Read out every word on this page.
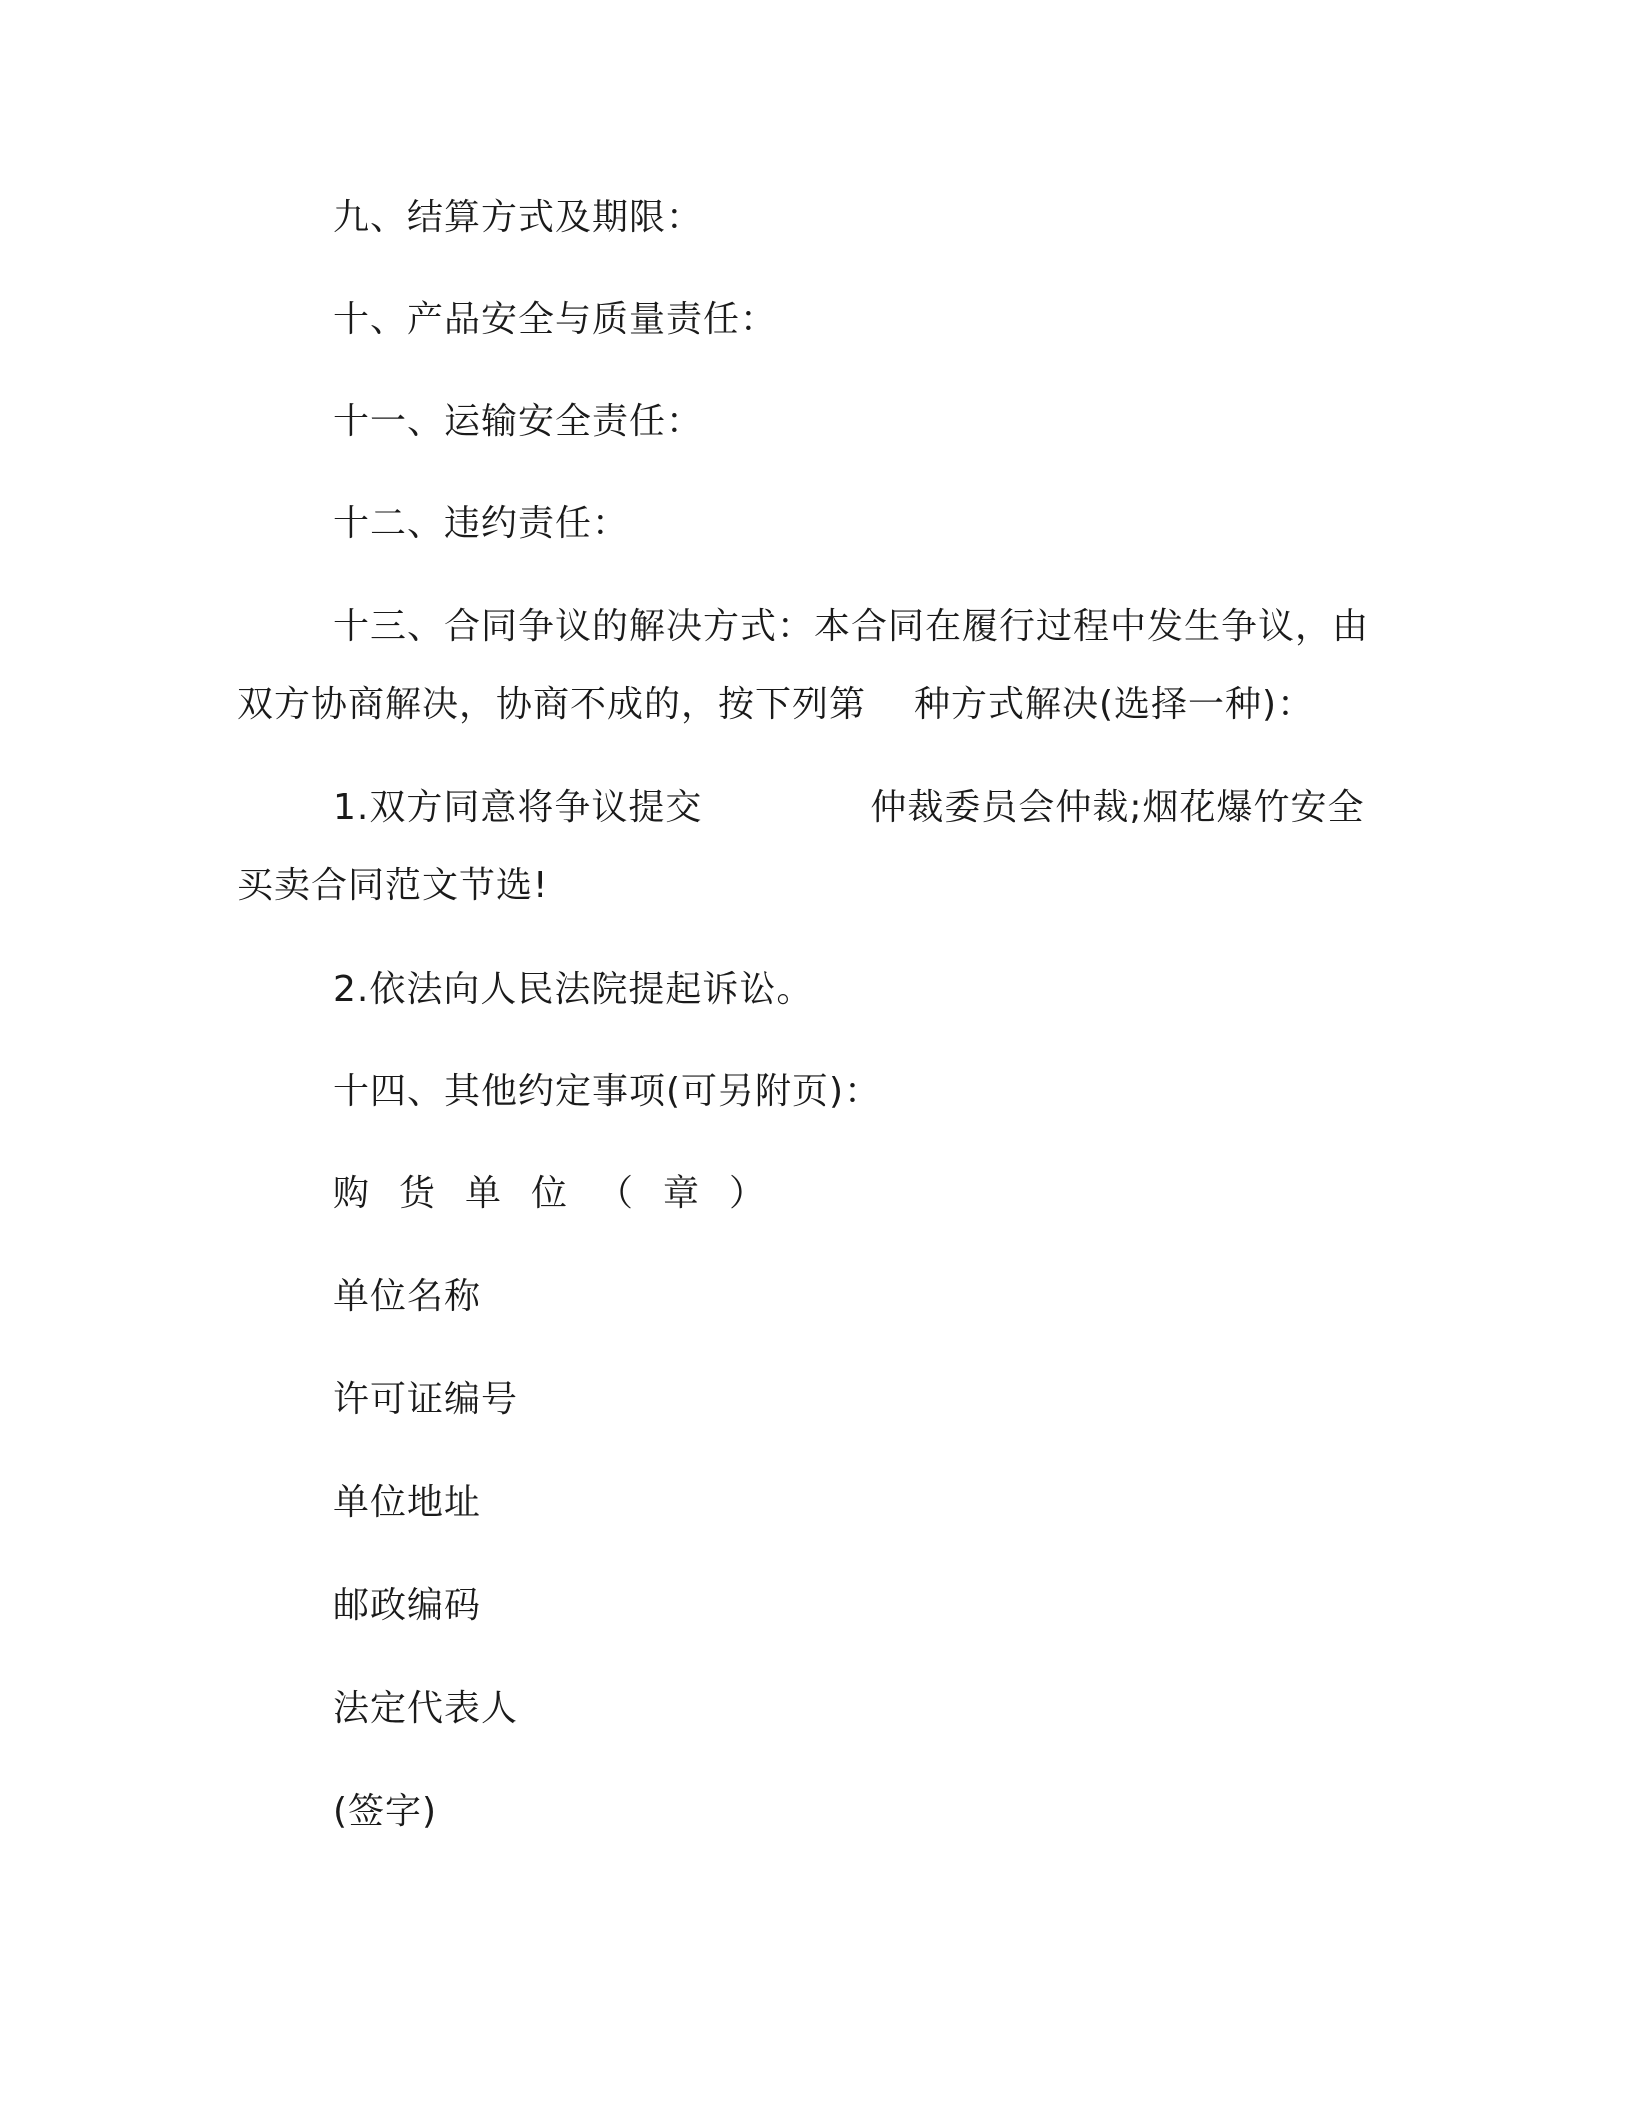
九、结算方式及期限：
十、产品安全与质量责任：
十一、运输安全责任：
十二、违约责任：
十三、合同争议的解决方式：本合同在履行过程中发生争议，由
双方协商解决，协商不成的，按下列第 种方式解决(选择一种)：
1.双方同意将争议提交	仲裁委员会仲裁;烟花爆竹安全
买卖合同范文节选!
2.依法向人民法院提起诉讼。
十四、其他约定事项(可另附页)：
购货单位（章）
单位名称
许可证编号
单位地址
邮政编码
法定代表人
(签字)
